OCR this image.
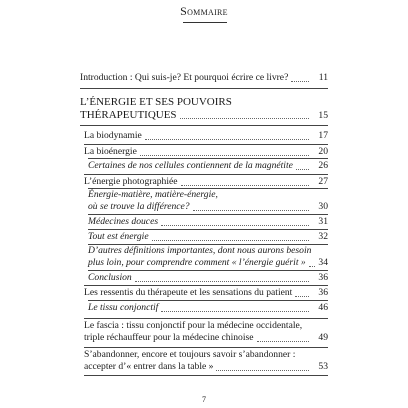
Sommaire
Introduction : Qui suis-je? Et pourquoi écrire ce livre?	11
L’ÉNERGIE ET SES POUVOIRS
THÉRAPEUTIQUES	15
La biodynamie	17
La bioénergie	20
Certaines de nos cellules contiennent de la magnétite	26
L’énergie photographiée	27
Énergie-matière, matière-énergie,
où se trouve la différence?	30
Médecines douces	31
Tout est énergie	32
D’autres définitions importantes, dont nous aurons besoin
plus loin, pour comprendre comment « l’énergie guérit » 34
Conclusion	36
Les ressentis du thérapeute et les sensations du patient	36
Le tissu conjonctif	46
Le fascia : tissu conjonctif pour la médecine occidentale,
triple réchauffeur pour la médecine chinoise	49
S’abandonner, encore et toujours savoir s’abandonner :
accepter d’« entrer dans la table »	53
7
